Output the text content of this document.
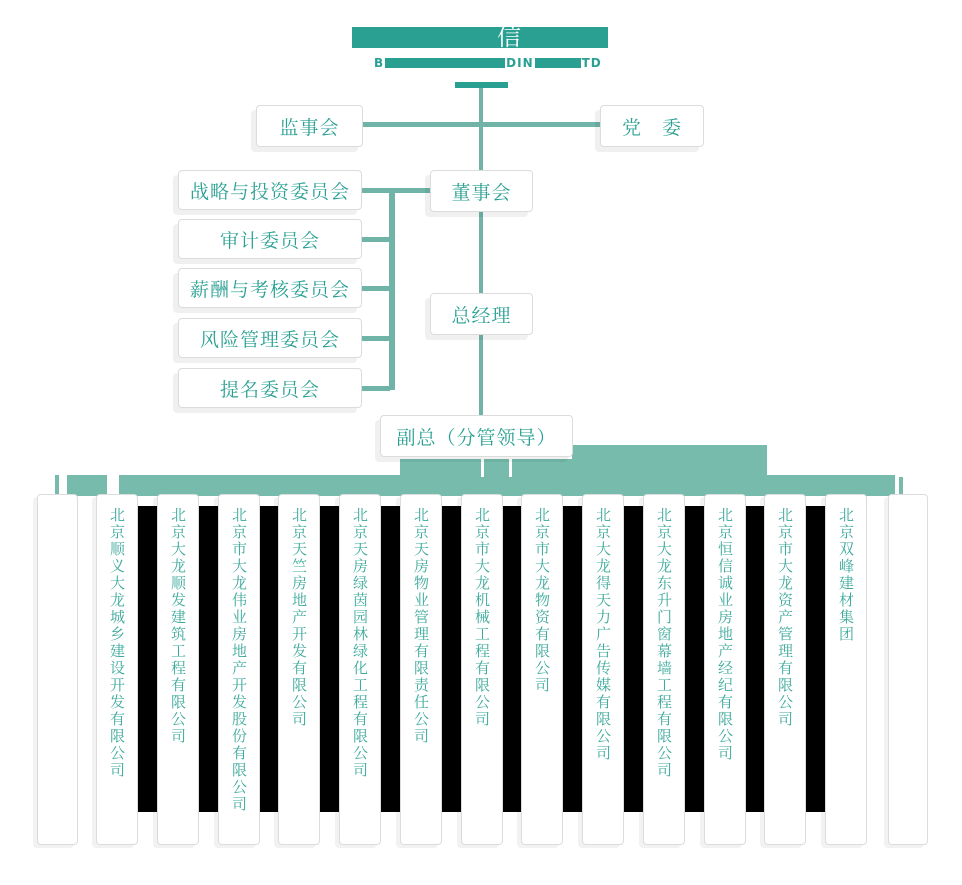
信
B	DIN	TD
监事会	党　委
董事会
总经理
副总（分管领导）
战略与投资委员会
审计委员会
薪酬与考核委员会
风险管理委员会
提名委员会
北京顺义大龙城乡建设开发有限公司	北京大龙顺发建筑工程有限公司	北京市大龙伟业房地产开发股份有限公司	北京天竺房地产开发有限公司	北京天房绿茵园林绿化工程有限公司	北京天房物业管理有限责任公司	北京市大龙机械工程有限公司	北京市大龙物资有限公司	北京大龙得天力广告传媒有限公司	北京大龙东升门窗幕墙工程有限公司	北京恒信诚业房地产经纪有限公司	北京市大龙资产管理有限公司	北京双峰建材集团
